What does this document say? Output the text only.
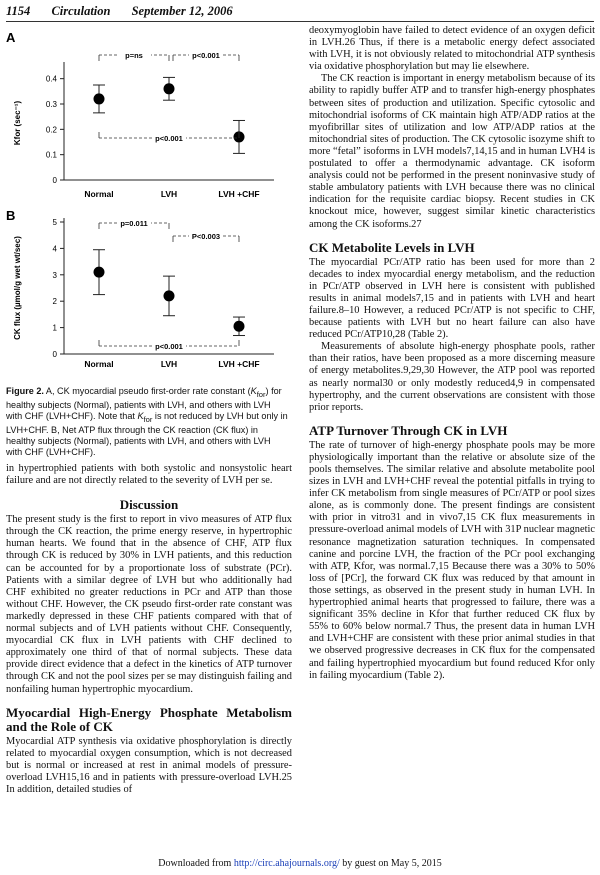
1154 Circulation September 12, 2006
A
0
0.1
0.2
0.3
0.4
Kfor (sec⁻¹)
Normal	LVH	LVH +CHF
p=ns	p<0.001
p<0.001
B
0
1
2
3
4
5
CK flux (µmol/g wet wt/sec)
Normal	LVH	LVH +CHF
p=0.011
P<0.003
p<0.001
Figure 2. A, CK myocardial pseudo first-order rate constant $(K_{for})$ for healthy subjects (Normal), patients with LVH, and others with LVH with CHF (LVH+CHF). Note that $K_{for}$ is not reduced by LVH but only in LVH+CHF. B, Net ATP flux through the CK reaction (CK flux) in healthy subjects (Normal), patients with LVH, and others with LVH with CHF (LVH+CHF).

in hypertrophied patients with both systolic and nonsystolic heart failure and are not directly related to the severity of LVH per se.

Discussion

The present study is the first to report in vivo measures of ATP flux through the CK reaction, the prime energy reserve, in hypertrophic human hearts. We found that in the absence of CHF, ATP flux through CK is reduced by 30% in LVH patients, and this reduction can be accounted for by a proportionate loss of substrate (PCr). Patients with a similar degree of LVH but who additionally had CHF exhibited no greater reductions in PCr and ATP than those without CHF. However, the CK pseudo first-order rate constant was markedly depressed in these CHF patients compared with that of normal subjects and of LVH patients without CHF. Consequently, myocardial CK flux in LVH patients with CHF declined to approximately one third of that of normal subjects. These data provide direct evidence that a defect in the kinetics of ATP turnover through CK and not the pool sizes per se may distinguish failing and nonfailing human hypertrophic myocardium.

Myocardial High-Energy Phosphate Metabolism and the Role of CK

Myocardial ATP synthesis via oxidative phosphorylation is directly related to myocardial oxygen consumption, which is not decreased but is normal or increased at rest in animal models of pressure-overload LVH15,16 and in patients with pressure-overload LVH.25 In addition, detailed studies of

deoxymyoglobin have failed to detect evidence of an oxygen deficit in LVH.26 Thus, if there is a metabolic energy defect associated with LVH, it is not obviously related to mitochondrial ATP synthesis via oxidative phosphorylation but may lie elsewhere.

The CK reaction is important in energy metabolism because of its ability to rapidly buffer ATP and to transfer high-energy phosphates between sites of production and utilization. Specific cytosolic and mitochondrial isoforms of CK maintain high ATP/ADP ratios at the myofibrillar sites of utilization and low ATP/ADP ratios at the mitochondrial sites of production. The CK cytosolic isozyme shift to more “fetal” isoforms in LVH models7,14,15 and in human LVH4 is postulated to offer a thermodynamic advantage. CK isoform analysis could not be performed in the present noninvasive study of stable ambulatory patients with LVH because there was no clinical indication for the requisite cardiac biopsy. Recent studies in CK knockout mice, however, suggest similar kinetic characteristics among the CK isoforms.27

CK Metabolite Levels in LVH

The myocardial PCr/ATP ratio has been used for more than 2 decades to index myocardial energy metabolism, and the reduction in PCr/ATP observed in LVH here is consistent with published results in animal models7,15 and in patients with LVH and heart failure.8–10 However, a reduced PCr/ATP is not specific to CHF, because patients with LVH but no heart failure can also have reduced PCr/ATP10,28 (Table 2).

Measurements of absolute high-energy phosphate pools, rather than their ratios, have been proposed as a more discerning measure of energy metabolites.9,29,30 However, the ATP pool was reported as nearly normal30 or only modestly reduced4,9 in compensated hypertrophy, and the current observations are consistent with those prior reports.

ATP Turnover Through CK in LVH

The rate of turnover of high-energy phosphate pools may be more physiologically important than the relative or absolute size of the pools themselves. The similar relative and absolute metabolite pool sizes in LVH and LVH+CHF reveal the potential pitfalls in trying to infer CK metabolism from single measures of PCr/ATP or pool sizes alone, as is commonly done. The present findings are consistent with prior in vitro31 and in vivo7,15 CK flux measurements in pressure-overload animal models of LVH with 31P nuclear magnetic resonance magnetization saturation techniques. In compensated canine and porcine LVH, the fraction of the PCr pool exchanging with ATP, Kfor, was normal.7,15 Because there was a 30% to 50% loss of [PCr], the forward CK flux was reduced by that amount in those settings, as observed in the present study in human LVH. In hypertrophied animal hearts that progressed to failure, there was a significant 35% decline in Kfor that further reduced CK flux by 55% to 60% below normal.7 Thus, the present data in human LVH and LVH+CHF are consistent with these prior animal studies in that we observed progressive decreases in CK flux for the compensated and failing hypertrophied myocardium but found reduced Kfor only in failing myocardium (Table 2).

Downloaded from http://circ.ahajournals.org/ by guest on May 5, 2015
